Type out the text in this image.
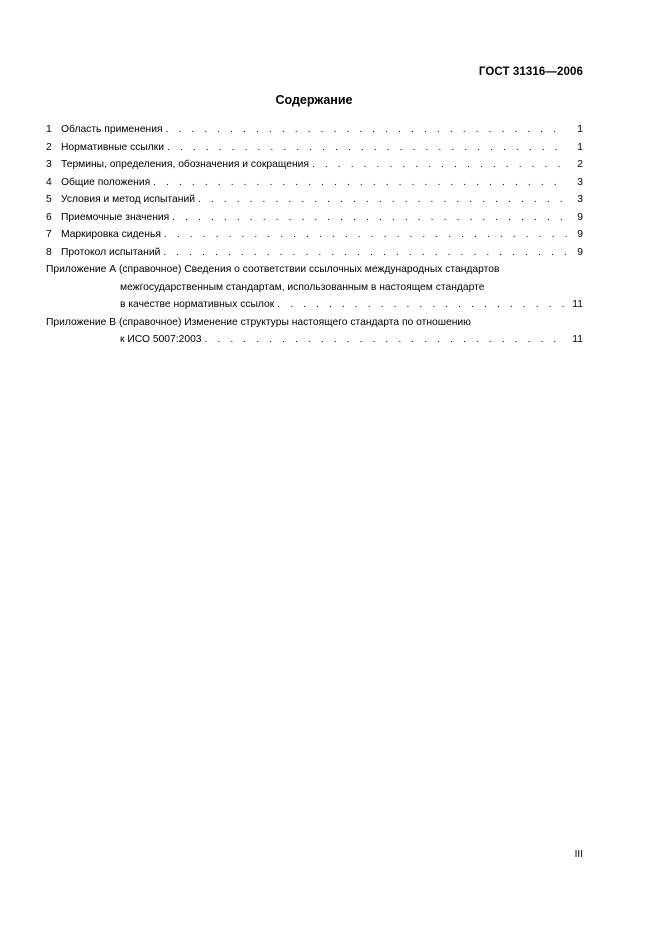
ГОСТ 31316—2006
Содержание
1 Область применения . . .	1
2 Нормативные ссылки . . .	1
3 Термины, определения, обозначения и сокращения . . .	2
4 Общие положения . . .	3
5 Условия и метод испытаний . . .	3
6 Приемочные значения . . .	9
7 Маркировка сиденья . . .	9
8 Протокол испытаний . . .	9
Приложение А (справочное) Сведения о соответствии ссылочных международных стандартов
межгосударственным стандартам, использованным в настоящем стандарте
в качестве нормативных ссылок . . .	11
Приложение В (справочное) Изменение структуры настоящего стандарта по отношению
к ИСО 5007:2003 . . .	11
III
